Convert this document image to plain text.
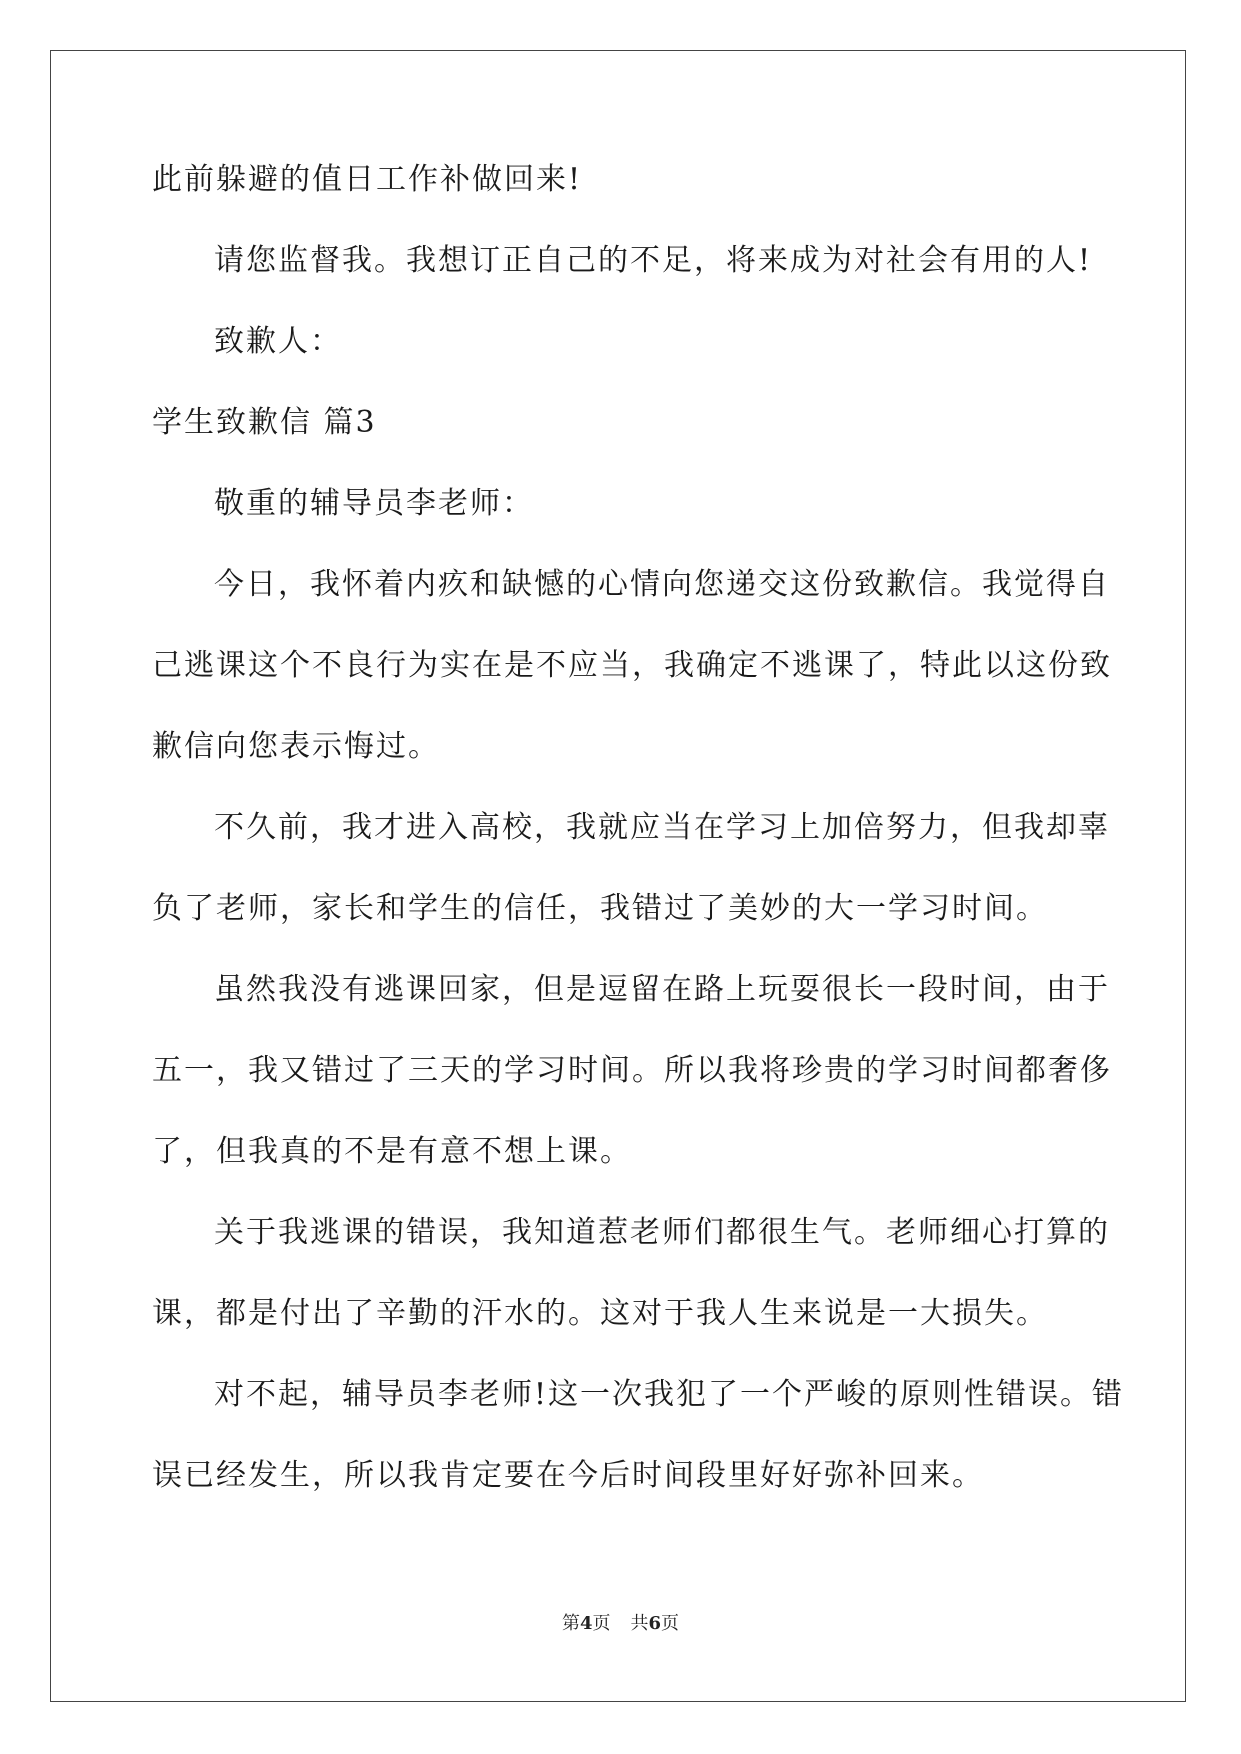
此前躲避的值日工作补做回来!
请您监督我。我想订正自己的不足，将来成为对社会有用的人!
致歉人：
学生致歉信 篇3
敬重的辅导员李老师：
今日，我怀着内疚和缺憾的心情向您递交这份致歉信。我觉得自
己逃课这个不良行为实在是不应当，我确定不逃课了，特此以这份致
歉信向您表示悔过。
不久前，我才进入高校，我就应当在学习上加倍努力，但我却辜
负了老师，家长和学生的信任，我错过了美妙的大一学习时间。
虽然我没有逃课回家，但是逗留在路上玩耍很长一段时间，由于
五一，我又错过了三天的学习时间。所以我将珍贵的学习时间都奢侈
了，但我真的不是有意不想上课。
关于我逃课的错误，我知道惹老师们都很生气。老师细心打算的
课，都是付出了辛勤的汗水的。这对于我人生来说是一大损失。
对不起，辅导员李老师!这一次我犯了一个严峻的原则性错误。错
误已经发生，所以我肯定要在今后时间段里好好弥补回来。
第4页 共6页
